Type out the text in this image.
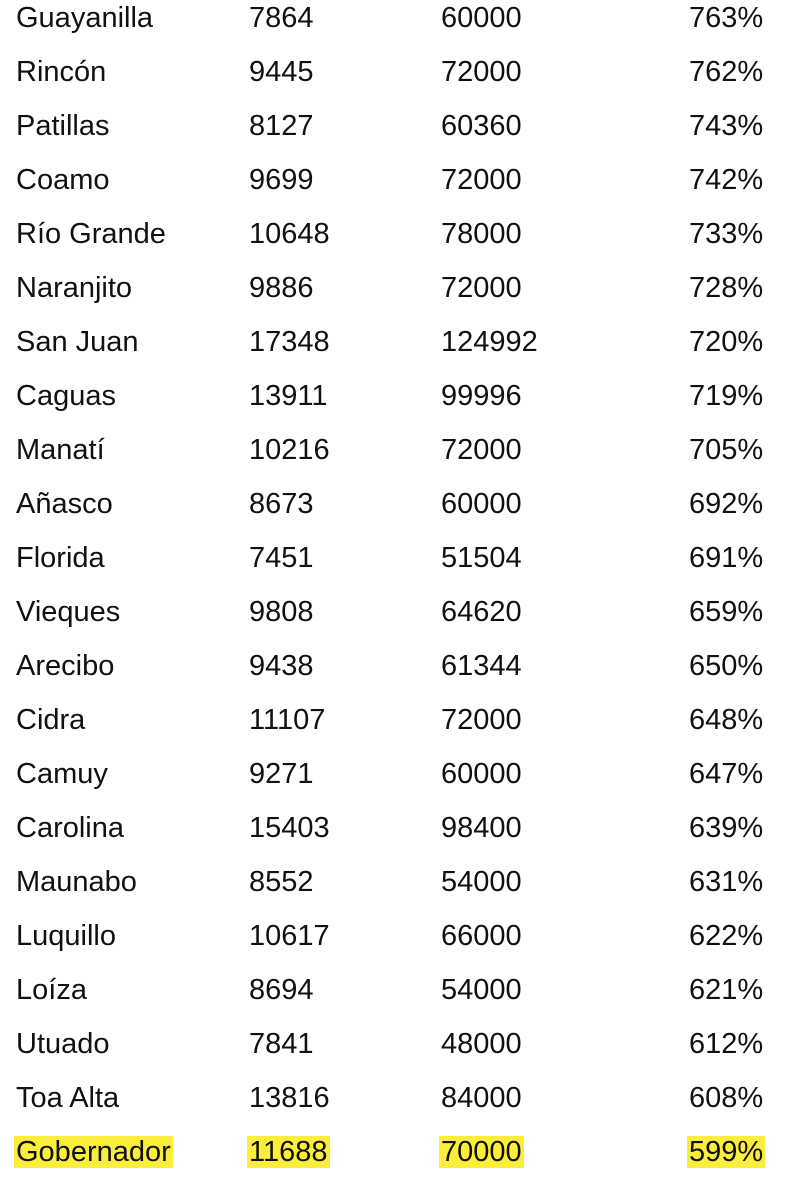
Guayanilla	7864	60000	763%
Rincón	9445	72000	762%
Patillas	8127	60360	743%
Coamo	9699	72000	742%
Río Grande	10648	78000	733%
Naranjito	9886	72000	728%
San Juan	17348	124992	720%
Caguas	13911	99996	719%
Manatí	10216	72000	705%
Añasco	8673	60000	692%
Florida	7451	51504	691%
Vieques	9808	64620	659%
Arecibo	9438	61344	650%
Cidra	11107	72000	648%
Camuy	9271	60000	647%
Carolina	15403	98400	639%
Maunabo	8552	54000	631%
Luquillo	10617	66000	622%
Loíza	8694	54000	621%
Utuado	7841	48000	612%
Toa Alta	13816	84000	608%
Gobernador	11688	70000	599%
